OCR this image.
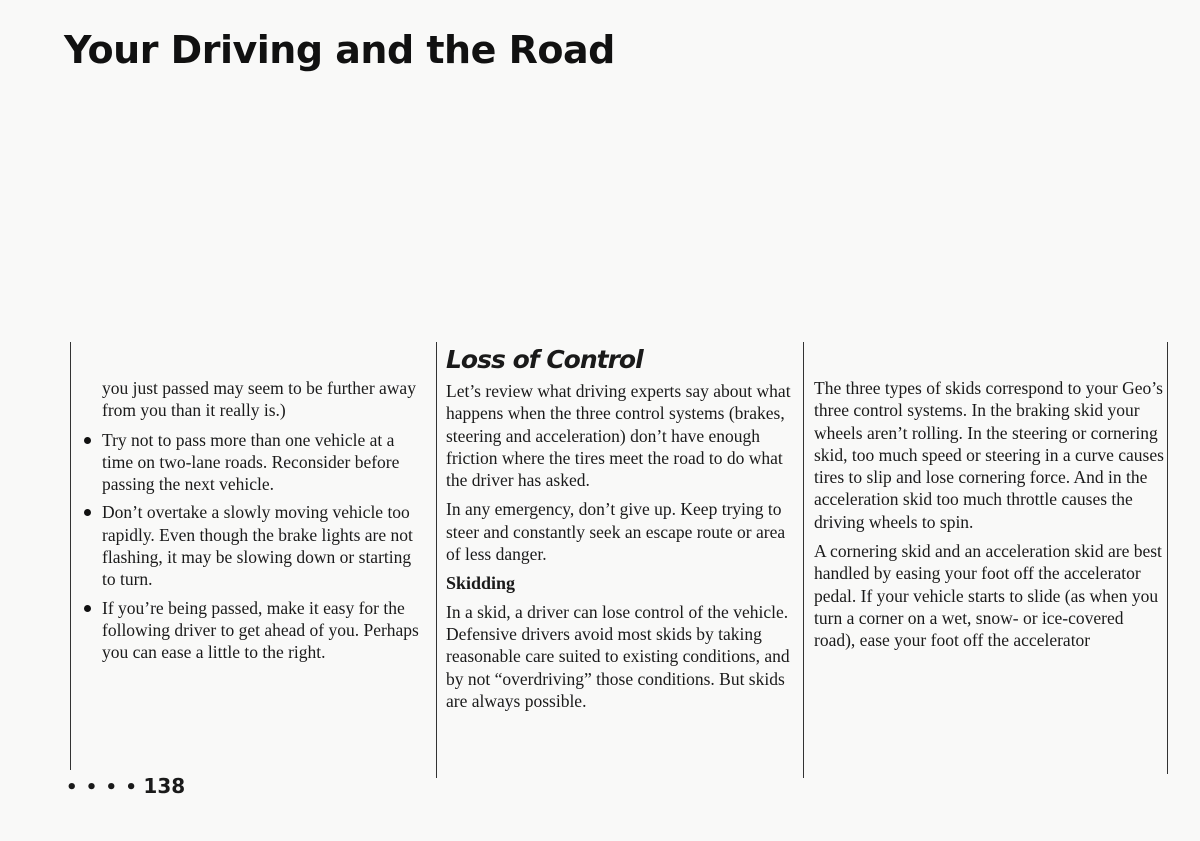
Your Driving and the Road

you just passed may seem to be further away from you than it really is.)

Try not to pass more than one vehicle at a time on two-lane roads. Reconsider before passing the next vehicle.
Don’t overtake a slowly moving vehicle too rapidly. Even though the brake lights are not flashing, it may be slowing down or starting to turn.
If you’re being passed, make it easy for the following driver to get ahead of you. Perhaps you can ease a little to the right.
Loss of Control

Let’s review what driving experts say about what happens when the three control systems (brakes, steering and acceleration) don’t have enough friction where the tires meet the road to do what the driver has asked.

In any emergency, don’t give up. Keep trying to steer and constantly seek an escape route or area of less danger.

Skidding

In a skid, a driver can lose control of the vehicle. Defensive drivers avoid most skids by taking reasonable care suited to existing conditions, and by not “overdriving” those conditions. But skids are always possible.

The three types of skids correspond to your Geo’s three control systems. In the braking skid your wheels aren’t rolling. In the steering or cornering skid, too much speed or steering in a curve causes tires to slip and lose cornering force. And in the acceleration skid too much throttle causes the driving wheels to spin.

A cornering skid and an acceleration skid are best handled by easing your foot off the accelerator pedal. If your vehicle starts to slide (as when you turn a corner on a wet, snow- or ice-covered road), ease your foot off the accelerator

• • • • 138
